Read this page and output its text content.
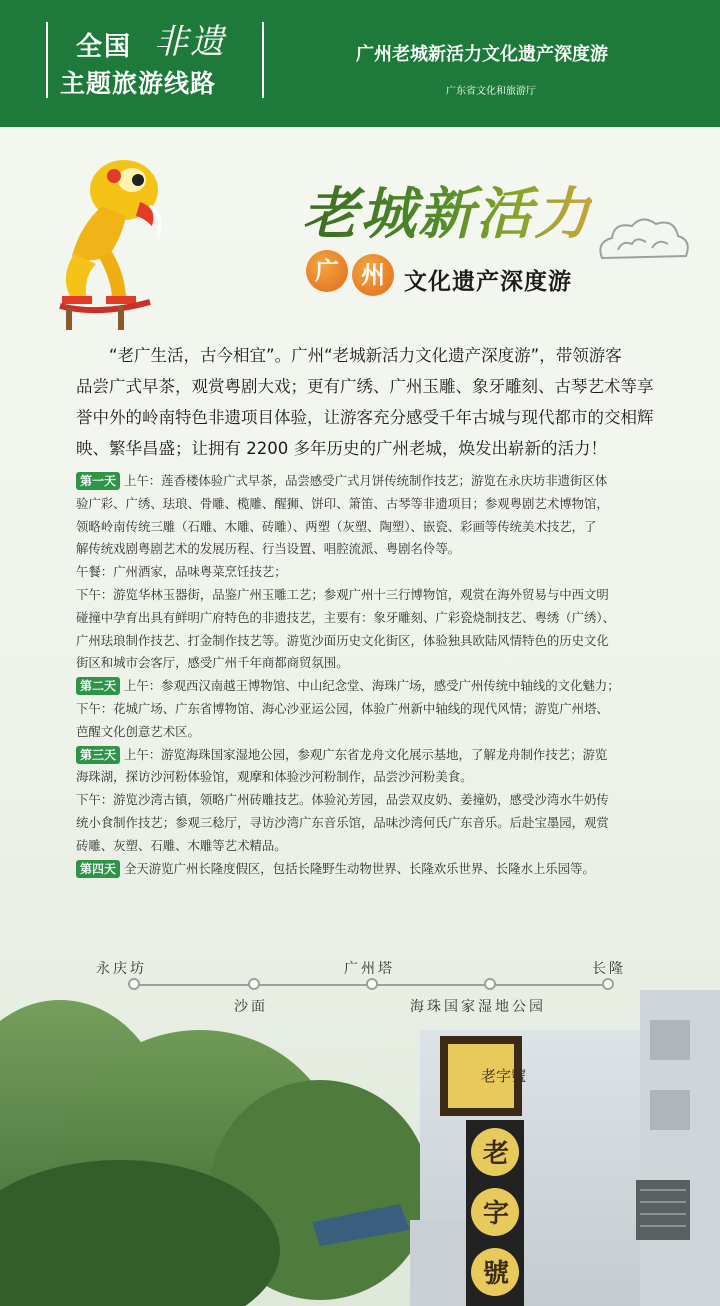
全国 非遗
主题旅游线路
广州老城新活力文化遗产深度游
广东省文化和旅游厅
老城新活力
广 州 文化遗产深度游
　　“老广生活，古今相宜”。广州“老城新活力文化遗产深度游”，带领游客
品尝广式早茶，观赏粤剧大戏；更有广绣、广州玉雕、象牙雕刻、古琴艺术等享
誉中外的岭南特色非遗项目体验，让游客充分感受千年古城与现代都市的交相辉
映、繁华昌盛；让拥有 2200 多年历史的广州老城，焕发出崭新的活力！
第一天 上午：莲香楼体验广式早茶，品尝感受广式月饼传统制作技艺；游览在永庆坊非遗街区体
验广彩、广绣、珐琅、骨雕、榄雕、醒狮、饼印、箫笛、古琴等非遗项目；参观粤剧艺术博物馆，
领略岭南传统三雕（石雕、木雕、砖雕）、两塑（灰塑、陶塑）、嵌瓷、彩画等传统美术技艺，了
解传统戏剧粤剧艺术的发展历程、行当设置、唱腔流派、粤剧名伶等。
午餐：广州酒家，品味粤菜烹饪技艺；
下午：游览华林玉器街，品鉴广州玉雕工艺；参观广州十三行博物馆，观赏在海外贸易与中西文明
碰撞中孕育出具有鲜明广府特色的非遗技艺，主要有：象牙雕刻、广彩瓷烧制技艺、粤绣（广绣）、
广州珐琅制作技艺、打金制作技艺等。游览沙面历史文化街区，体验独具欧陆风情特色的历史文化
街区和城市会客厅，感受广州千年商都商贸氛围。
第二天 上午：参观西汉南越王博物馆、中山纪念堂、海珠广场，感受广州传统中轴线的文化魅力；
下午：花城广场、广东省博物馆、海心沙亚运公园，体验广州新中轴线的现代风情；游览广州塔、
芭醒文化创意艺术区。
第三天 上午：游览海珠国家湿地公园，参观广东省龙舟文化展示基地，了解龙舟制作技艺；游览
海珠湖，探访沙河粉体验馆，观摩和体验沙河粉制作，品尝沙河粉美食。
下午：游览沙湾古镇，领略广州砖雕技艺。体验沁芳园，品尝双皮奶、姜撞奶，感受沙湾水牛奶传
统小食制作技艺；参观三稔厅，寻访沙湾广东音乐馆，品味沙湾何氏广东音乐。后赴宝墨园，观赏
砖雕、灰塑、石雕、木雕等艺术精品。
第四天 全天游览广州长隆度假区，包括长隆野生动物世界、长隆欢乐世界、长隆水上乐园等。
永庆坊	广州塔	长隆
沙面	海珠国家湿地公园
老字號
老
字
號
